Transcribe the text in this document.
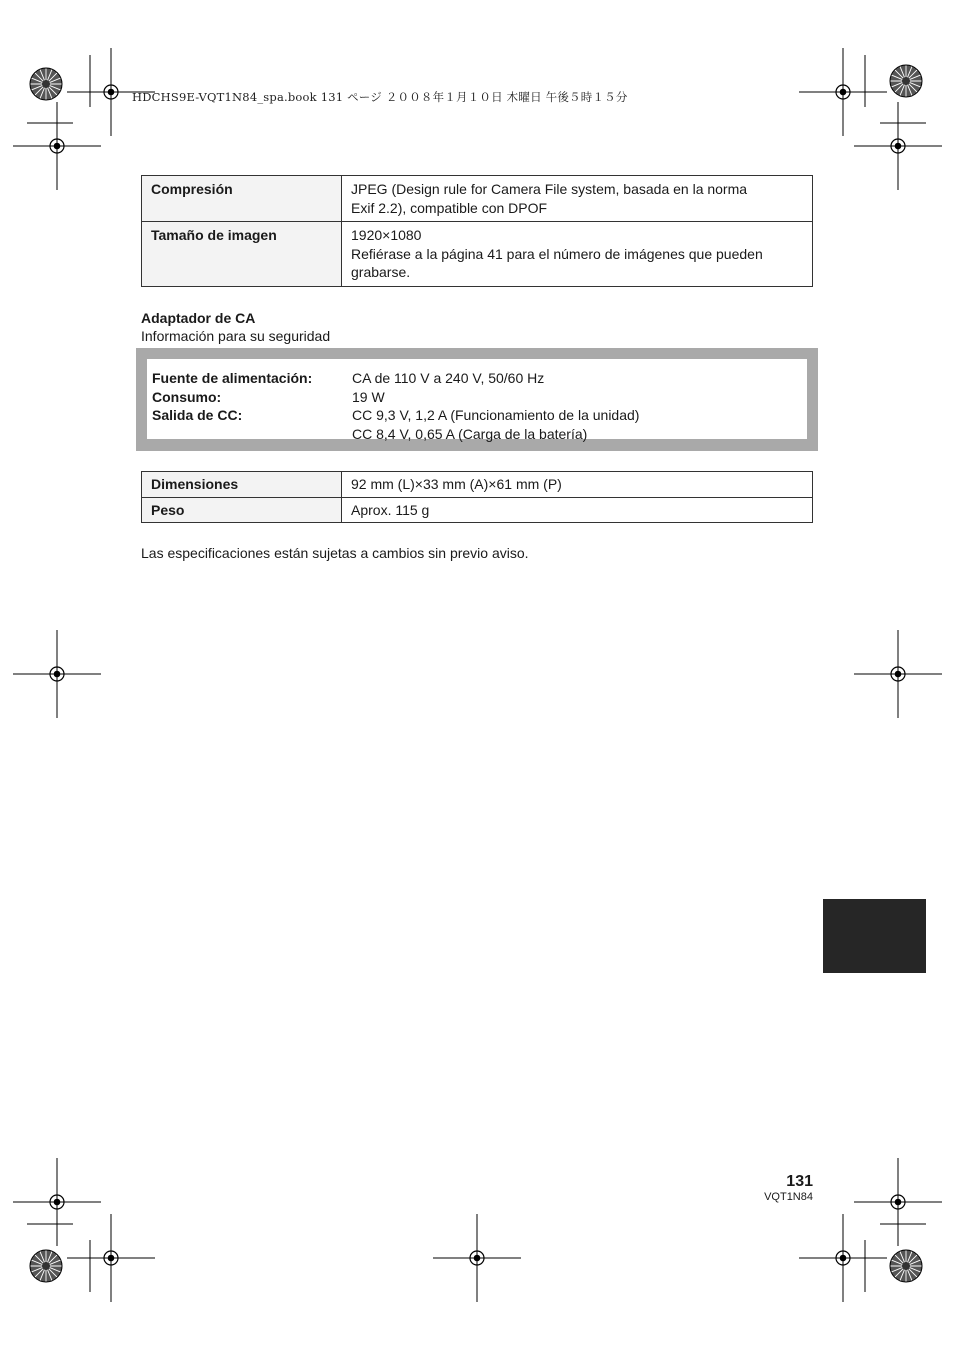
HDCHS9E-VQT1N84_spa.book 131 ページ ２００８年１月１０日 木曜日 午後５時１５分
Compresión	JPEG (Design rule for Camera File system, basada en la norma
Exif 2.2), compatible con DPOF

Tamaño de imagen	1920×1080
Refiérase a la página 41 para el número de imágenes que pueden
grabarse.
Adaptador de CA
Información para su seguridad
Fuente de alimentación:	CA de 110 V a 240 V, 50/60 Hz
Consumo:	19 W
Salida de CC:	CC 9,3 V, 1,2 A (Funcionamiento de la unidad)
CC 8,4 V, 0,65 A (Carga de la batería)
Dimensiones	92 mm (L)×33 mm (A)×61 mm (P)
Peso	Aprox. 115 g
Las especificaciones están sujetas a cambios sin previo aviso.
131
VQT1N84
